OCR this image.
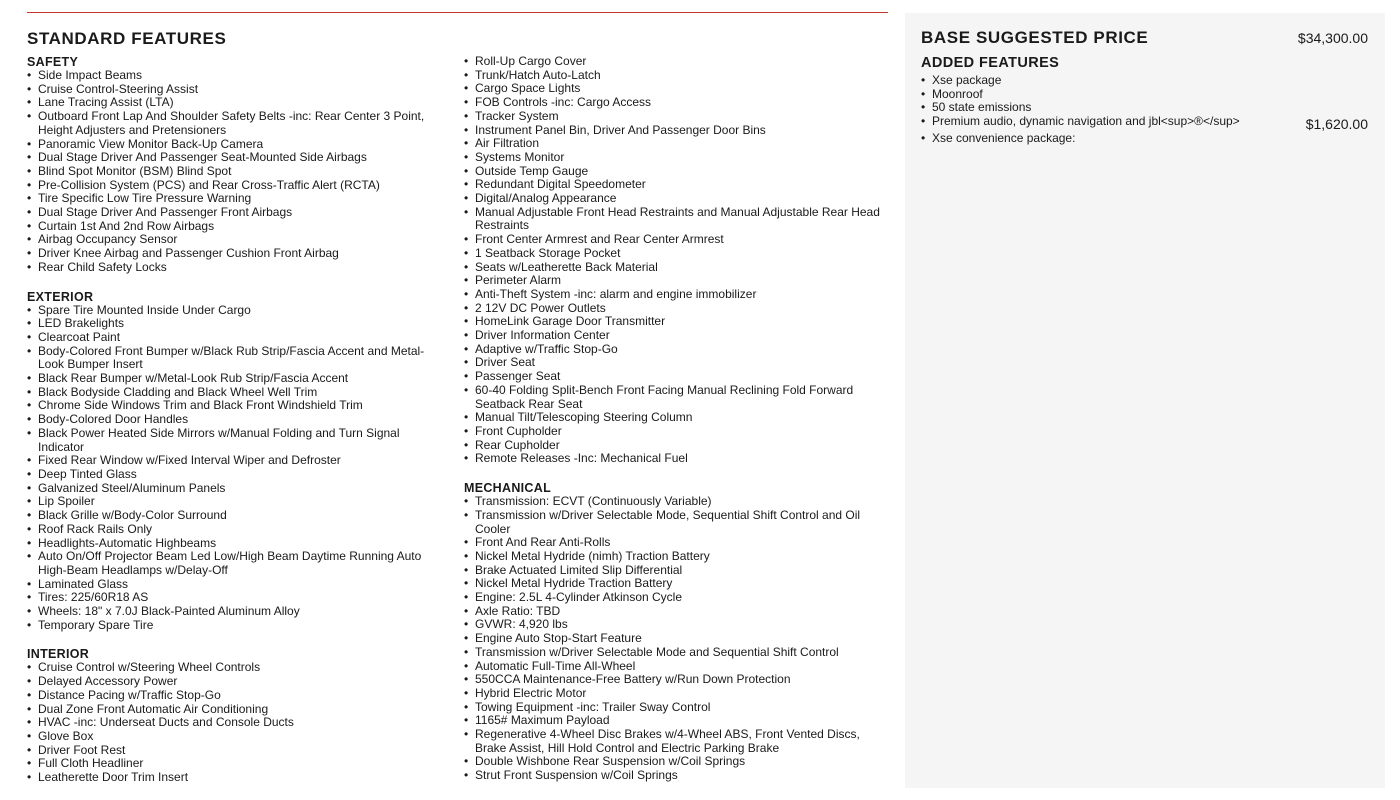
STANDARD FEATURES
SAFETY
• Side Impact Beams
• Cruise Control-Steering Assist
• Lane Tracing Assist (LTA)
• Outboard Front Lap And Shoulder Safety Belts -inc: Rear Center 3 Point, Height Adjusters and Pretensioners
• Panoramic View Monitor Back-Up Camera
• Dual Stage Driver And Passenger Seat-Mounted Side Airbags
• Blind Spot Monitor (BSM) Blind Spot
• Pre-Collision System (PCS) and Rear Cross-Traffic Alert (RCTA)
• Tire Specific Low Tire Pressure Warning
• Dual Stage Driver And Passenger Front Airbags
• Curtain 1st And 2nd Row Airbags
• Airbag Occupancy Sensor
• Driver Knee Airbag and Passenger Cushion Front Airbag
• Rear Child Safety Locks
EXTERIOR
• Spare Tire Mounted Inside Under Cargo
• LED Brakelights
• Clearcoat Paint
• Body-Colored Front Bumper w/Black Rub Strip/Fascia Accent and Metal-Look Bumper Insert
• Black Rear Bumper w/Metal-Look Rub Strip/Fascia Accent
• Black Bodyside Cladding and Black Wheel Well Trim
• Chrome Side Windows Trim and Black Front Windshield Trim
• Body-Colored Door Handles
• Black Power Heated Side Mirrors w/Manual Folding and Turn Signal Indicator
• Fixed Rear Window w/Fixed Interval Wiper and Defroster
• Deep Tinted Glass
• Galvanized Steel/Aluminum Panels
• Lip Spoiler
• Black Grille w/Body-Color Surround
• Roof Rack Rails Only
• Headlights-Automatic Highbeams
• Auto On/Off Projector Beam Led Low/High Beam Daytime Running Auto High-Beam Headlamps w/Delay-Off
• Laminated Glass
• Tires: 225/60R18 AS
• Wheels: 18" x 7.0J Black-Painted Aluminum Alloy
• Temporary Spare Tire
INTERIOR
• Cruise Control w/Steering Wheel Controls
• Delayed Accessory Power
• Distance Pacing w/Traffic Stop-Go
• Dual Zone Front Automatic Air Conditioning
• HVAC -inc: Underseat Ducts and Console Ducts
• Glove Box
• Driver Foot Rest
• Full Cloth Headliner
• Leatherette Door Trim Insert
• Roll-Up Cargo Cover
• Trunk/Hatch Auto-Latch
• Cargo Space Lights
• FOB Controls -inc: Cargo Access
• Tracker System
• Instrument Panel Bin, Driver And Passenger Door Bins
• Air Filtration
• Systems Monitor
• Outside Temp Gauge
• Redundant Digital Speedometer
• Digital/Analog Appearance
• Manual Adjustable Front Head Restraints and Manual Adjustable Rear Head Restraints
• Front Center Armrest and Rear Center Armrest
• 1 Seatback Storage Pocket
• Seats w/Leatherette Back Material
• Perimeter Alarm
• Anti-Theft System -inc: alarm and engine immobilizer
• 2 12V DC Power Outlets
• HomeLink Garage Door Transmitter
• Driver Information Center
• Adaptive w/Traffic Stop-Go
• Driver Seat
• Passenger Seat
• 60-40 Folding Split-Bench Front Facing Manual Reclining Fold Forward Seatback Rear Seat
• Manual Tilt/Telescoping Steering Column
• Front Cupholder
• Rear Cupholder
• Remote Releases -Inc: Mechanical Fuel
MECHANICAL
• Transmission: ECVT (Continuously Variable)
• Transmission w/Driver Selectable Mode, Sequential Shift Control and Oil Cooler
• Front And Rear Anti-Rolls
• Nickel Metal Hydride (nimh) Traction Battery
• Brake Actuated Limited Slip Differential
• Nickel Metal Hydride Traction Battery
• Engine: 2.5L 4-Cylinder Atkinson Cycle
• Axle Ratio: TBD
• GVWR: 4,920 lbs
• Engine Auto Stop-Start Feature
• Transmission w/Driver Selectable Mode and Sequential Shift Control
• Automatic Full-Time All-Wheel
• 550CCA Maintenance-Free Battery w/Run Down Protection
• Hybrid Electric Motor
• Towing Equipment -inc: Trailer Sway Control
• 1165# Maximum Payload
• Regenerative 4-Wheel Disc Brakes w/4-Wheel ABS, Front Vented Discs, Brake Assist, Hill Hold Control and Electric Parking Brake
• Double Wishbone Rear Suspension w/Coil Springs
• Strut Front Suspension w/Coil Springs
BASE SUGGESTED PRICE	$34,300.00
ADDED FEATURES
• Xse package
• Moonroof
• 50 state emissions
• Premium audio, dynamic navigation and jbl<sup>®</sup>
• Xse convenience package:
$1,620.00
